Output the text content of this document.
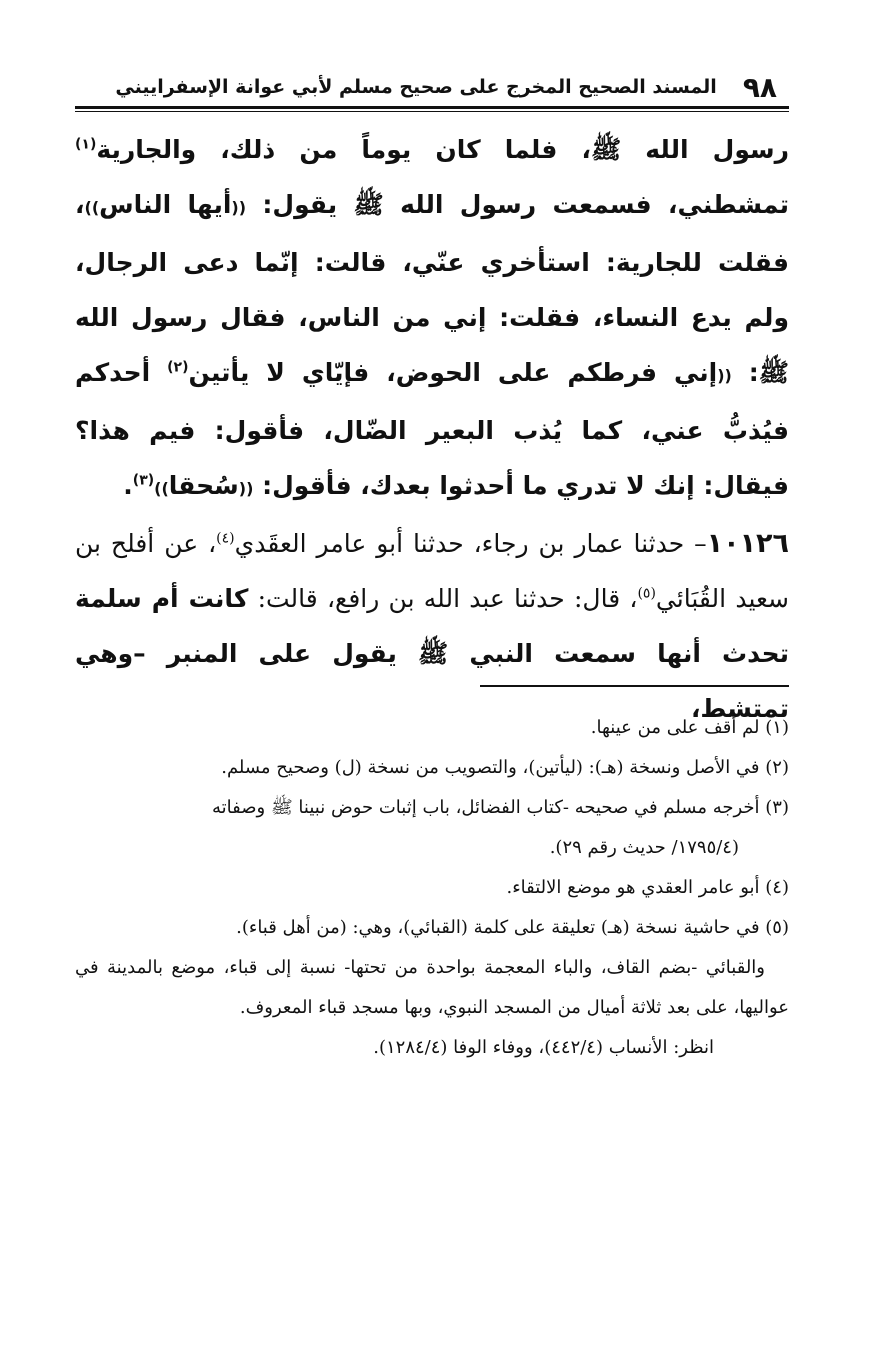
٩٨
المسند الصحيح المخرج على صحيح مسلم لأبي عوانة الإسفراييني

رسول الله ﷺ، فلما كان يوماً من ذلك، والجارية$^{(١)}$ تمشطني، فسمعت رسول الله ﷺ يقول: ((أيها الناس))، فقلت للجارية: استأخري عنّي، قالت: إنّما دعى الرجال، ولم يدع النساء، فقلت: إني من الناس، فقال رسول الله ﷺ: ((إني فرطكم على الحوض، فإيّاي لا يأتين$^{(٢)}$ أحدكم فيُذبُّ عني، كما يُذب البعير الضّال، فأقول: فيم هذا؟ فيقال: إنك لا تدري ما أحدثوا بعدك، فأقول: ((سُحقا))$^{(٣)}$.

١٠١٢٦– حدثنا عمار بن رجاء، حدثنا أبو عامر العقَدي$^{(٤)}$، عن أفلح بن سعيد القُبَائي$^{(٥)}$، قال: حدثنا عبد الله بن رافع، قالت: كانت أم سلمة تحدث أنها سمعت النبي ﷺ يقول على المنبر –وهي تمتشط،

(١) لم أقف على من عينها.

(٢) في الأصل ونسخة (هـ): (ليأتين)، والتصويب من نسخة (ل) وصحيح مسلم.

(٣) أخرجه مسلم في صحيحه -كتاب الفضائل، باب إثبات حوض نبينا ﷺ وصفاته

(١٧٩٥/٤/ حديث رقم ٢٩).

(٤) أبو عامر العقدي هو موضع الالتقاء.

(٥) في حاشية نسخة (هـ) تعليقة على كلمة (القبائي)، وهي: (من أهل قباء).

والقبائي -بضم القاف، والباء المعجمة بواحدة من تحتها- نسبة إلى قباء، موضع بالمدينة في عواليها، على بعد ثلاثة أميال من المسجد النبوي، وبها مسجد قباء المعروف.

انظر: الأنساب (٤٤٢/٤)، ووفاء الوفا (١٢٨٤/٤).
